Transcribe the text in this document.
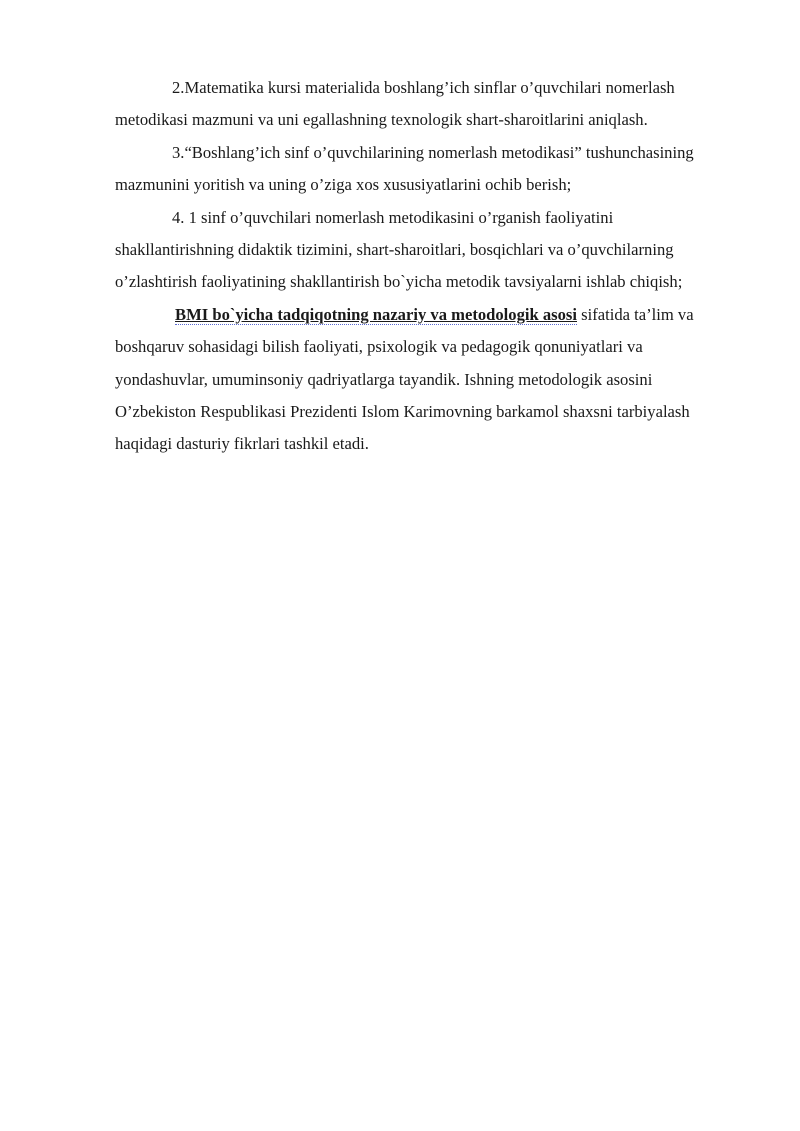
2.Matematika kursi materialida boshlang’ich sinflar o’quvchilari nomerlash metodikasi mazmuni va uni egallashning texnologik shart-sharoitlarini aniqlash.

3.“Boshlang’ich sinf o’quvchilarining nomerlash metodikasi” tushunchasining mazmunini yoritish va uning o’ziga xos xususiyatlarini ochib berish;

4. 1 sinf o’quvchilari nomerlash metodikasini o’rganish faoliyatini shakllantirishning didaktik tizimini, shart-sharoitlari, bosqichlari va o’quvchilarning o’zlashtirish faoliyatining shakllantirish bo`yicha metodik tavsiyalarni ishlab chiqish;

BMI bo`yicha tadqiqotning nazariy va metodologik asosi sifatida ta’lim va boshqaruv sohasidagi bilish faoliyati, psixologik va pedagogik qonuniyatlari va yondashuvlar, umuminsoniy qadriyatlarga tayandik. Ishning metodologik asosini O’zbekiston Respublikasi Prezidenti Islom Karimovning barkamol shaxsni tarbiyalash haqidagi dasturiy fikrlari tashkil etadi.
